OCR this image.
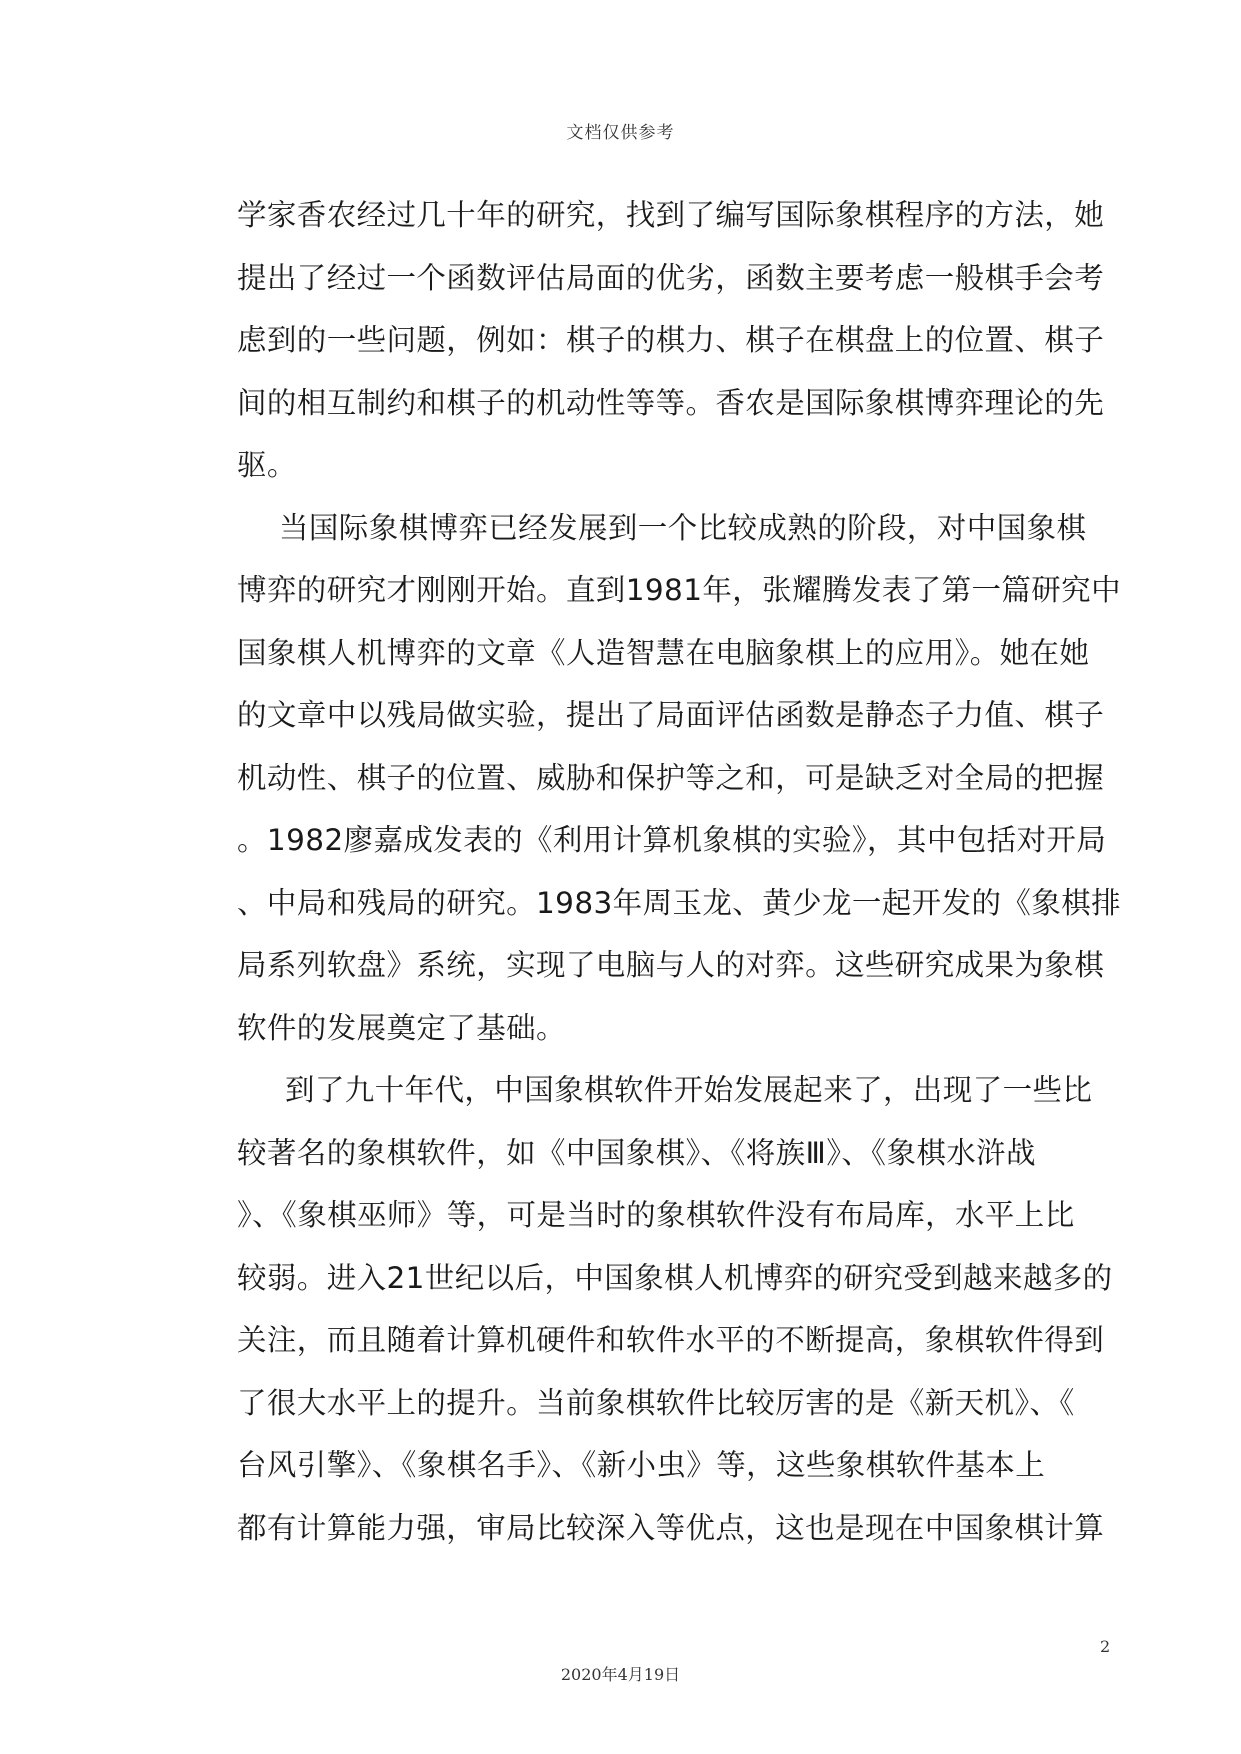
文档仅供参考
学家香农经过几十年的研究，找到了编写国际象棋程序的方法，她
提出了经过一个函数评估局面的优劣，函数主要考虑一般棋手会考
虑到的一些问题，例如：棋子的棋力、棋子在棋盘上的位置、棋子
间的相互制约和棋子的机动性等等。香农是国际象棋博弈理论的先
驱。
当国际象棋博弈已经发展到一个比较成熟的阶段，对中国象棋
博弈的研究才刚刚开始。直到1981年，张耀腾发表了第一篇研究中
国象棋人机博弈的文章《人造智慧在电脑象棋上的应用》。她在她
的文章中以残局做实验，提出了局面评估函数是静态子力值、棋子
机动性、棋子的位置、威胁和保护等之和，可是缺乏对全局的把握
。1982廖嘉成发表的《利用计算机象棋的实验》，其中包括对开局
、中局和残局的研究。1983年周玉龙、黄少龙一起开发的《象棋排
局系列软盘》系统，实现了电脑与人的对弈。这些研究成果为象棋
软件的发展奠定了基础。
到了九十年代，中国象棋软件开始发展起来了，出现了一些比
较著名的象棋软件，如《中国象棋》、《将族Ⅲ》、《象棋水浒战
》、《象棋巫师》等，可是当时的象棋软件没有布局库，水平上比
较弱。进入21世纪以后，中国象棋人机博弈的研究受到越来越多的
关注，而且随着计算机硬件和软件水平的不断提高，象棋软件得到
了很大水平上的提升。当前象棋软件比较厉害的是《新天机》、《
台风引擎》、《象棋名手》、《新小虫》等，这些象棋软件基本上
都有计算能力强，审局比较深入等优点，这也是现在中国象棋计算
2
2020年4月19日
